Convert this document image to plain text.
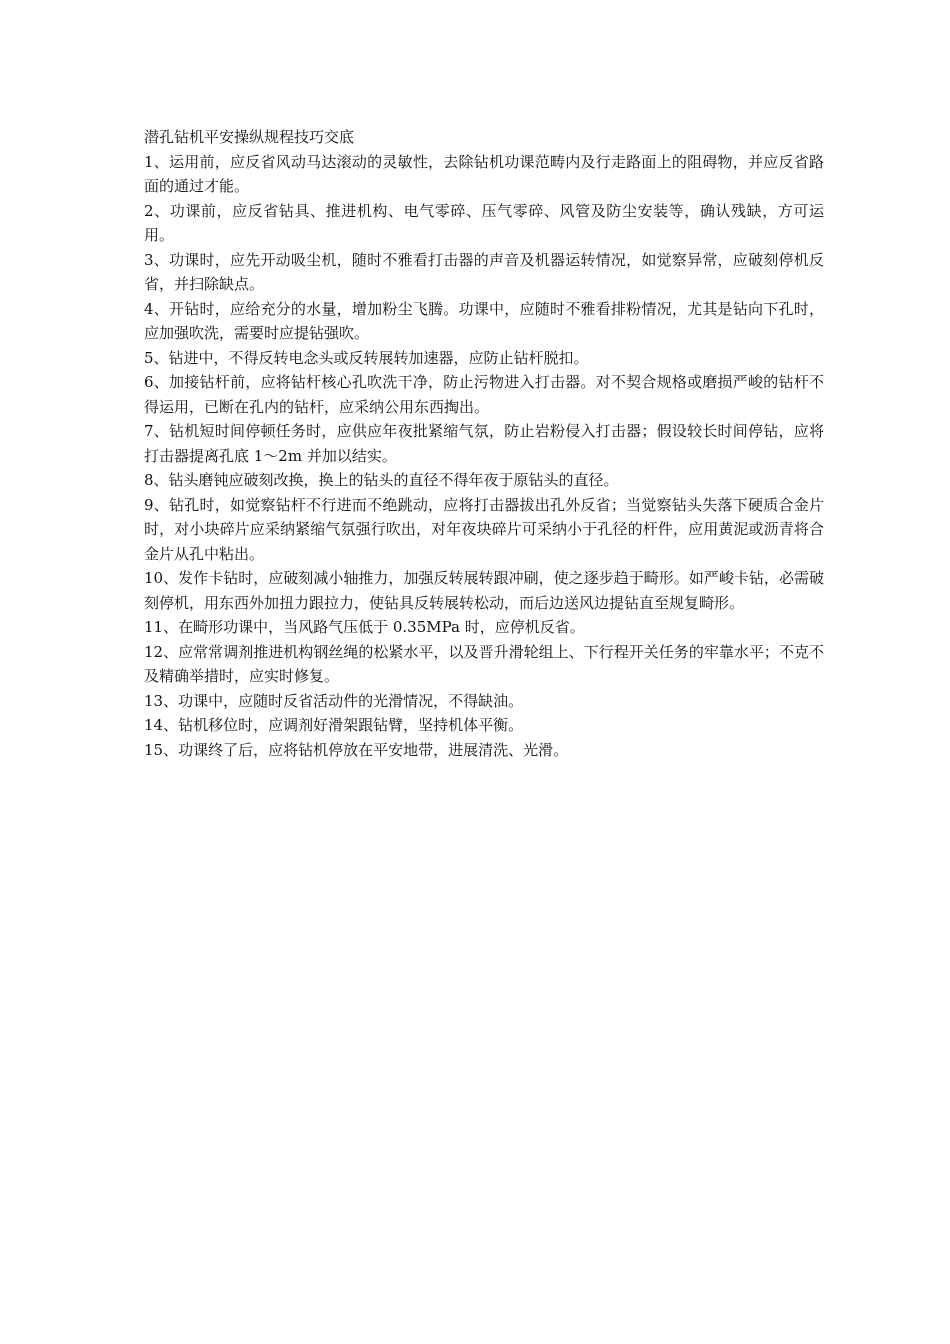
潜孔钻机平安操纵规程技巧交底

1、运用前，应反省风动马达滚动的灵敏性，去除钻机功课范畴内及行走路面上的阻碍物，并应反省路面的通过才能。
2、功课前，应反省钻具、推进机构、电气零碎、压气零碎、风管及防尘安装等，确认残缺，方可运用。
3、功课时，应先开动吸尘机，随时不雅看打击器的声音及机器运转情况，如觉察异常，应破刻停机反省，并扫除缺点。
4、开钻时，应给充分的水量，增加粉尘飞腾。功课中，应随时不雅看排粉情况，尤其是钻向下孔时，应加强吹洗，需要时应提钻强吹。
5、钻进中，不得反转电念头或反转展转加速器，应防止钻杆脱扣。
6、加接钻杆前，应将钻杆核心孔吹洗干净，防止污物进入打击器。对不契合规格或磨损严峻的钻杆不得运用，已断在孔内的钻杆，应采纳公用东西掏出。
7、钻机短时间停顿任务时，应供应年夜批紧缩气氛，防止岩粉侵入打击器；假设较长时间停钻，应将打击器提离孔底 1～2m 并加以结实。
8、钻头磨钝应破刻改换，换上的钻头的直径不得年夜于原钻头的直径。
9、钻孔时，如觉察钻杆不行进而不绝跳动，应将打击器拔出孔外反省；当觉察钻头失落下硬质合金片时，对小块碎片应采纳紧缩气氛强行吹出，对年夜块碎片可采纳小于孔径的杆件，应用黄泥或沥青将合金片从孔中粘出。
10、发作卡钻时，应破刻减小轴推力，加强反转展转跟冲刷，使之逐步趋于畸形。如严峻卡钻，必需破刻停机，用东西外加扭力跟拉力，使钻具反转展转松动，而后边送风边提钻直至规复畸形。
11、在畸形功课中，当风路气压低于 0.35MPa 时，应停机反省。
12、应常常调剂推进机构钢丝绳的松紧水平，以及晋升滑轮组上、下行程开关任务的牢靠水平；不克不及精确举措时，应实时修复。
13、功课中，应随时反省活动件的光滑情况，不得缺油。
14、钻机移位时，应调剂好滑架跟钻臂，坚持机体平衡。
15、功课终了后，应将钻机停放在平安地带，进展清洗、光滑。
